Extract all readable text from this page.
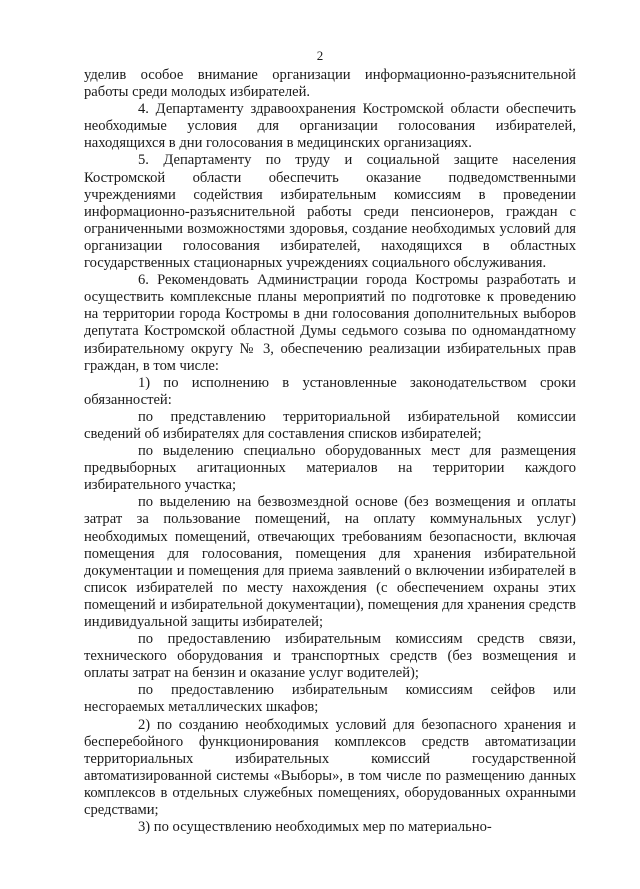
2

уделив особое внимание организации информационно-разъяснительной работы среди молодых избирателей.

4. Департаменту здравоохранения Костромской области обеспечить необходимые условия для организации голосования избирателей, находящихся в дни голосования в медицинских организациях.

5. Департаменту по труду и социальной защите населения Костромской области обеспечить оказание подведомственными учреждениями содействия избирательным комиссиям в проведении информационно-разъяснительной работы среди пенсионеров, граждан с ограниченными возможностями здоровья, создание необходимых условий для организации голосования избирателей, находящихся в областных государственных стационарных учреждениях социального обслуживания.

6. Рекомендовать Администрации города Костромы разработать и осуществить комплексные планы мероприятий по подготовке к проведению на территории города Костромы в дни голосования дополнительных выборов депутата Костромской областной Думы седьмого созыва по одномандатному избирательному округу № 3, обеспечению реализации избирательных прав граждан, в том числе:

1) по исполнению в установленные законодательством сроки обязанностей:

по представлению территориальной избирательной комиссии сведений об избирателях для составления списков избирателей;

по выделению специально оборудованных мест для размещения предвыборных агитационных материалов на территории каждого избирательного участка;

по выделению на безвозмездной основе (без возмещения и оплаты затрат за пользование помещений, на оплату коммунальных услуг) необходимых помещений, отвечающих требованиям безопасности, включая помещения для голосования, помещения для хранения избирательной документации и помещения для приема заявлений о включении избирателей в список избирателей по месту нахождения (с обеспечением охраны этих помещений и избирательной документации), помещения для хранения средств индивидуальной защиты избирателей;

по предоставлению избирательным комиссиям средств связи, технического оборудования и транспортных средств (без возмещения и оплаты затрат на бензин и оказание услуг водителей);

по предоставлению избирательным комиссиям сейфов или несгораемых металлических шкафов;

2) по созданию необходимых условий для безопасного хранения и бесперебойного функционирования комплексов средств автоматизации территориальных избирательных комиссий государственной автоматизированной системы «Выборы», в том числе по размещению данных комплексов в отдельных служебных помещениях, оборудованных охранными средствами;

3) по осуществлению необходимых мер по материально-
